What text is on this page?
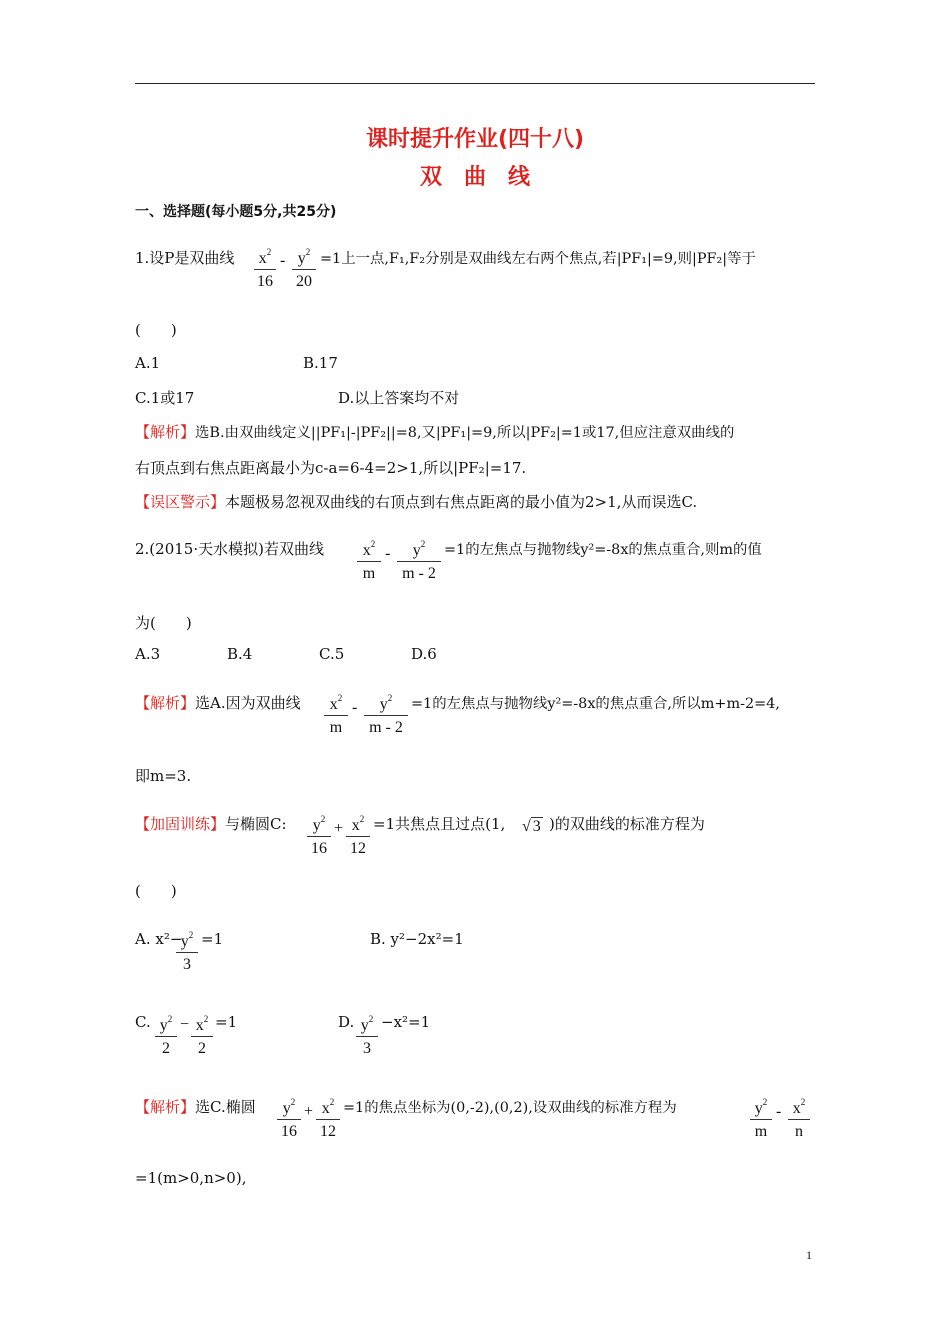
课时提升作业(四十八)
双　曲　线
一、选择题(每小题5分,共25分)
1.设P是双曲线 $\frac{x^2}{16} - \frac{y^2}{20} =1$上一点,F₁,F₂分别是双曲线左右两个焦点,若|PF₁|=9,则|PF₂|等于
(　　)
A.1	B.17
C.1或17	D.以上答案均不对
【解析】选B.由双曲线定义||PF₁|-|PF₂||=8,又|PF₁|=9,所以|PF₂|=1或17,但应注意双曲线的
右顶点到右焦点距离最小为c-a=6-4=2>1,所以|PF₂|=17.
【误区警示】本题极易忽视双曲线的右顶点到右焦点距离的最小值为2>1,从而误选C.
2.(2015·天水模拟)若双曲线 $\frac{x^2}{m} - \frac{y^2}{m - 2} =1$的左焦点与抛物线y²=-8x的焦点重合,则m的值
为(　　)
A.3	B.4	C.5	D.6
【解析】选A.因为双曲线 $\frac{x^2}{m} - \frac{y^2}{m - 2} =1$的左焦点与抛物线y²=-8x的焦点重合,所以m+m-2=4,
即m=3.
【加固训练】与椭圆C: $\frac{y^2}{16} + \frac{x^2}{12} =1$共焦点且过点(1, √ 3 )的双曲线的标准方程为
(　　)
A. x²−
$\frac{y^2}{3} =1$	B. y²−2x²=1
C. $\frac{y^2}{2} - \frac{x^2}{2} =1$	D. $\frac{y^2}{3} -x^2=1$
【解析】选C.椭圆 $\frac{y^2}{16} + \frac{x^2}{12} =1$的焦点坐标为(0,-2),(0,2),设双曲线的标准方程为	$\frac{y^2}{m} - \frac{x^2}{n}$
=1(m>0,n>0),
1
